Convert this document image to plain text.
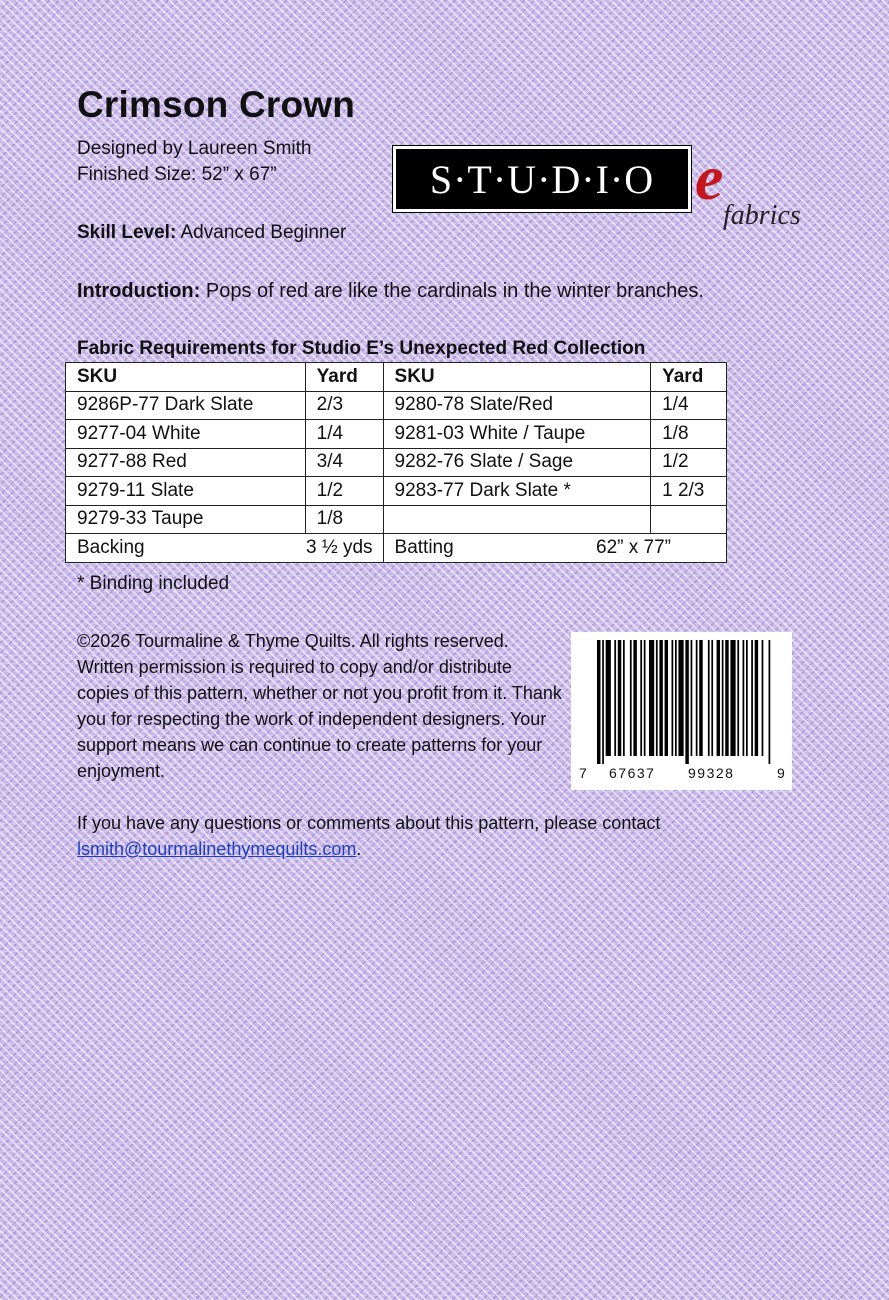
Crimson Crown
Designed by Laureen Smith
Finished Size: 52” x 67”
Skill Level: Advanced Beginner
Introduction: Pops of red are like the cardinals in the winter branches.
S·T·U·D·I·O e
fabrics
Fabric Requirements for Studio E’s Unexpected Red Collection
SKU	Yard	SKU	Yard
9286P-77 Dark Slate	2/3	9280-78 Slate/Red	1/4
9277-04 White	1/4	9281-03 White / Taupe	1/8
9277-88 Red	3/4	9282-76 Slate / Sage	1/2
9279-11 Slate	1/2	9283-77 Dark Slate *	1 2/3
9279-33 Taupe	1/8		

Backing 3 ½ yds		Batting 62” x 77”	
* Binding included
©2026 Tourmaline & Thyme Quilts. All rights reserved. Written permission is required to copy and/or distribute copies of this pattern, whether or not you profit from it. Thank you for respecting the work of independent designers. Your support means we can continue to create patterns for your enjoyment.	7 67637 99328	9
If you have any questions or comments about this pattern, please contact
lsmith@tourmalinethymequilts.com.
